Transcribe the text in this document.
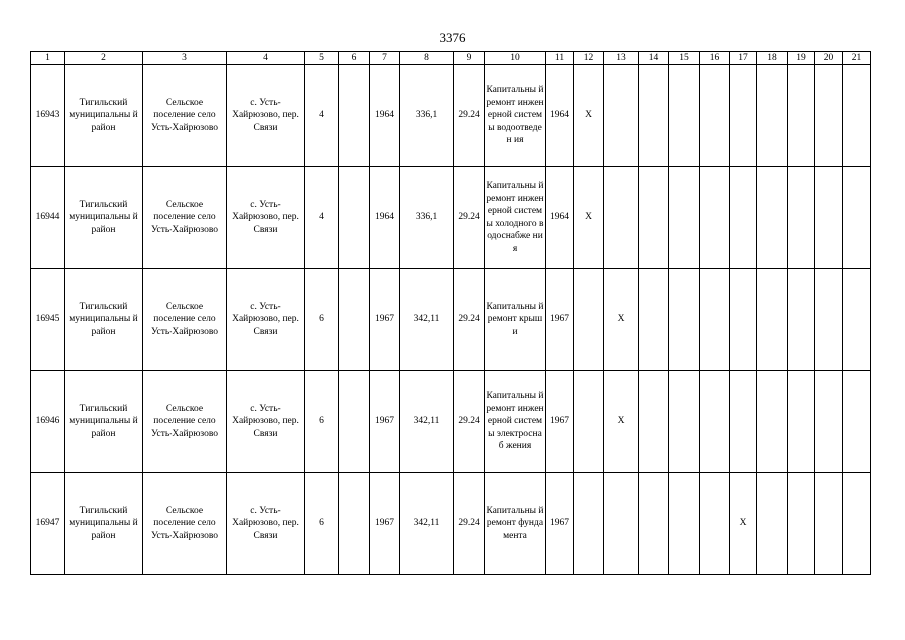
3376
1	2	3	4	5	6	7	8	9	10	11	12	13	14	15	16	17	18	19	20	21
16943	Тигильский муниципальны й район	Сельское поселение село Усть-Хайрюзово	с. Усть-Хайрюзово, пер. Связи	4		1964	336,1	29.24	Капитальны й ремонт инженерной системы водоотведен ия	1964	X									
16944	Тигильский муниципальны й район	Сельское поселение село Усть-Хайрюзово	с. Усть-Хайрюзово, пер. Связи	4		1964	336,1	29.24	Капитальны й ремонт инженерной системы холодного водоснабже ния	1964	X									
16945	Тигильский муниципальны й район	Сельское поселение село Усть-Хайрюзово	с. Усть-Хайрюзово, пер. Связи	6		1967	342,11	29.24	Капитальны й ремонт крыши	1967		X								
16946	Тигильский муниципальны й район	Сельское поселение село Усть-Хайрюзово	с. Усть-Хайрюзово, пер. Связи	6		1967	342,11	29.24	Капитальны й ремонт инженерной системы электроснаб жения	1967		X								
16947	Тигильский муниципальны й район	Сельское поселение село Усть-Хайрюзово	с. Усть-Хайрюзово, пер. Связи	6		1967	342,11	29.24	Капитальны й ремонт фундамента	1967						X				
